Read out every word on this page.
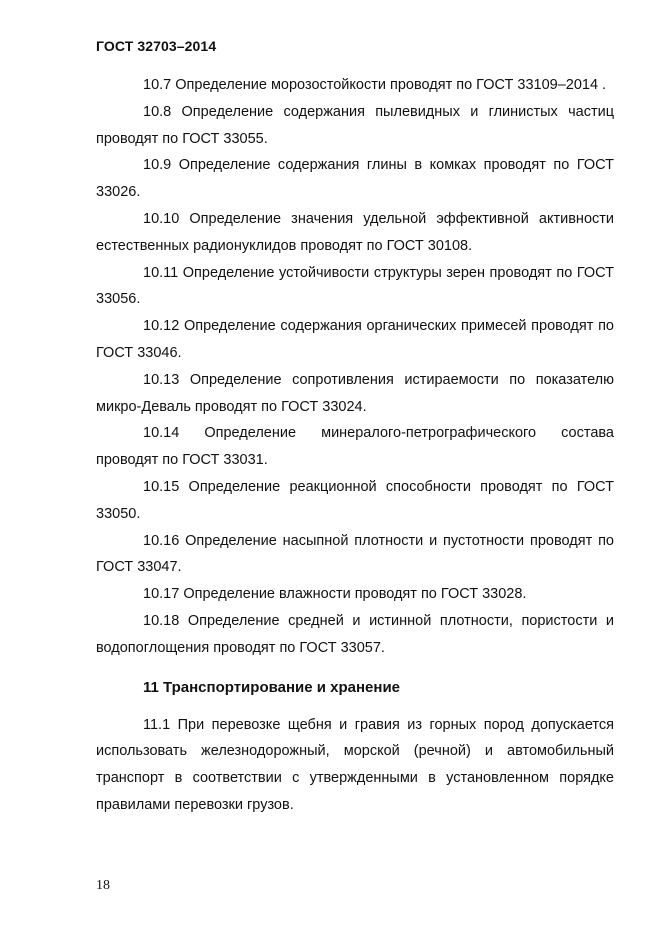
ГОСТ 32703–2014

10.7 Определение морозостойкости проводят по ГОСТ 33109–2014 .

10.8 Определение содержания пылевидных и глинистых частиц проводят по ГОСТ 33055.

10.9 Определение содержания глины в комках проводят по ГОСТ 33026.

10.10 Определение значения удельной эффективной активности естественных радионуклидов проводят по ГОСТ 30108.

10.11 Определение устойчивости структуры зерен проводят по ГОСТ 33056.

10.12 Определение содержания органических примесей проводят по ГОСТ 33046.

10.13 Определение сопротивления истираемости по показателю микро-Деваль проводят по ГОСТ 33024.

10.14 Определение минералого-петрографического состава проводят по ГОСТ 33031.

10.15 Определение реакционной способности проводят по ГОСТ 33050.

10.16 Определение насыпной плотности и пустотности проводят по ГОСТ 33047.

10.17 Определение влажности проводят по ГОСТ 33028.

10.18 Определение средней и истинной плотности, пористости и водопоглощения проводят по ГОСТ 33057.

11 Транспортирование и хранение

11.1 При перевозке щебня и гравия из горных пород допускается использовать железнодорожный, морской (речной) и автомобильный транспорт в соответствии с утвержденными в установленном порядке правилами перевозки грузов.

18
